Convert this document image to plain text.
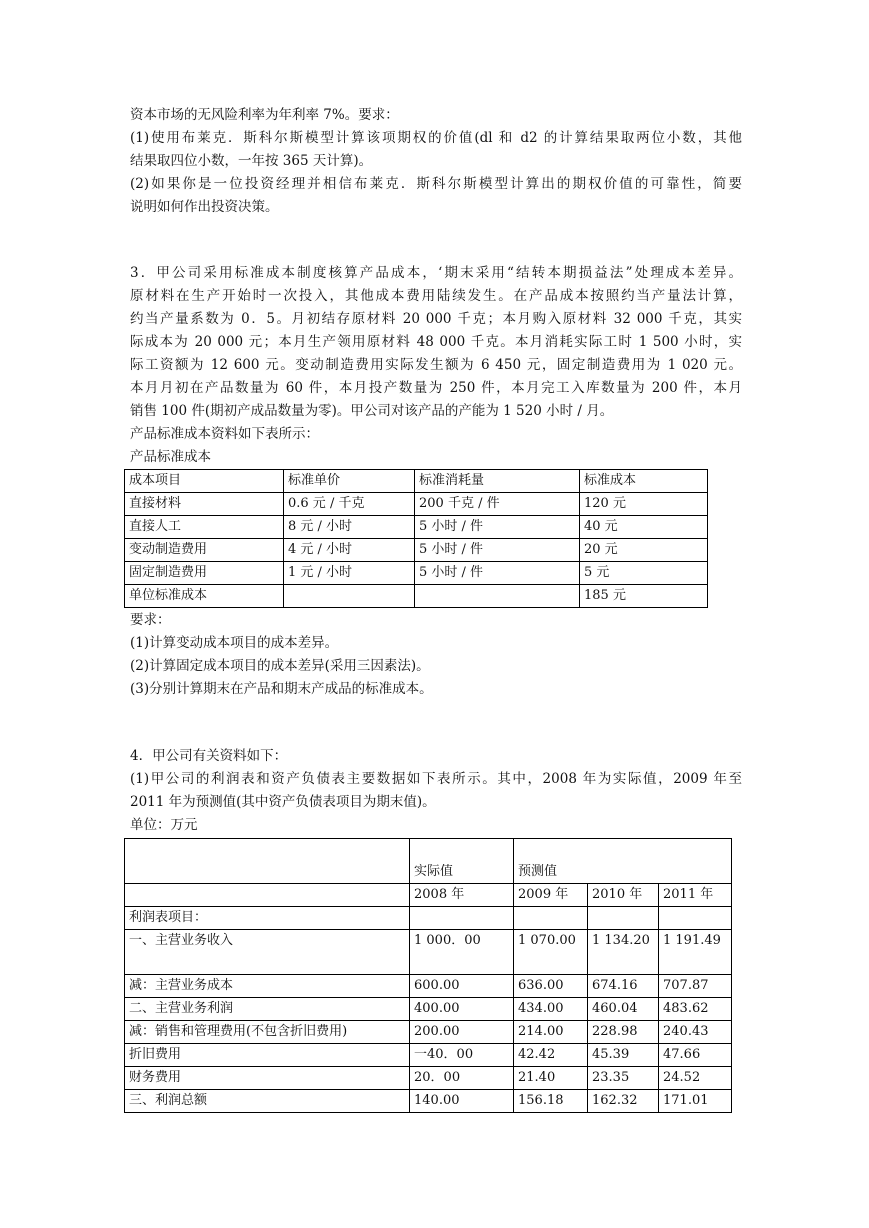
资本市场的无风险利率为年利率 7%。要求：
(1)使用布莱克．斯科尔斯模型计算该项期权的价值(dl 和 d2 的计算结果取两位小数，其他
结果取四位小数，一年按 365 天计算)。
(2)如果你是一位投资经理并相信布莱克．斯科尔斯模型计算出的期权价值的可靠性，简要
说明如何作出投资决策。
3．甲公司采用标准成本制度核算产品成本，‘期末采用“结转本期损益法”处理成本差异。
原材料在生产开始时一次投入，其他成本费用陆续发生。在产品成本按照约当产量法计算，
约当产量系数为 0．5。月初结存原材料 20 000 千克；本月购入原材料 32 000 千克，其实
际成本为 20 000 元；本月生产领用原材料 48 000 千克。本月消耗实际工时 1 500 小时，实
际工资额为 12 600 元。变动制造费用实际发生额为 6 450 元，固定制造费用为 1 020 元。
本月月初在产品数量为 60 件，本月投产数量为 250 件，本月完工入库数量为 200 件，本月
销售 100 件(期初产成品数量为零)。甲公司对该产品的产能为 1 520 小时 / 月。
产品标准成本资料如下表所示：
产品标准成本
成本项目	标准单价	标准消耗量	标准成本
直接材料	0.6 元 / 千克	200 千克 / 件	120 元
直接人工	8 元 / 小时	5 小时 / 件	40 元
变动制造费用	4 元 / 小时	5 小时 / 件	20 元
固定制造费用	1 元 / 小时	5 小时 / 件	5 元
单位标准成本			185 元
要求：
(1)计算变动成本项目的成本差异。
(2)计算固定成本项目的成本差异(采用三因素法)。
(3)分别计算期末在产品和期末产成品的标准成本。
4．甲公司有关资料如下：
(1)甲公司的利润表和资产负债表主要数据如下表所示。其中，2008 年为实际值，2009 年至
2011 年为预测值(其中资产负债表项目为期末值)。
单位：万元
	实际值	预测值		
	2008 年	2009 年	2010 年	2011 年
利润表项目：				
一、主营业务收入	1 000．00	1 070.00	1 134.20	1 191.49
减：主营业务成本	600.00	636.00	674.16	707.87
二、主营业务利润	400.00	434.00	460.04	483.62
减：销售和管理费用(不包含折旧费用)	200.00	214.00	228.98	240.43
折旧费用	一40．00	42.42	45.39	47.66
财务费用	20．00	21.40	23.35	24.52
三、利润总额	140.00	156.18	162.32	171.01
